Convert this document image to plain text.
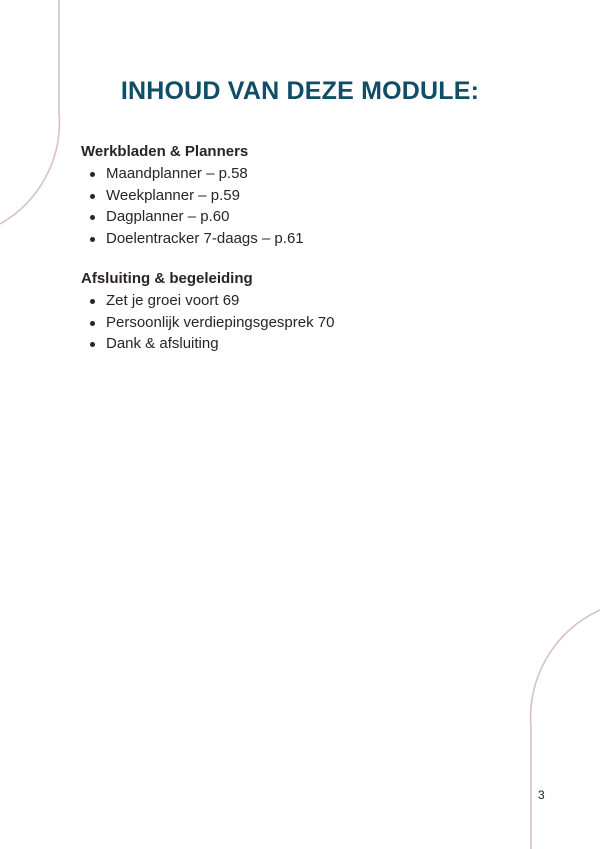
INHOUD VAN DEZE MODULE:
Werkbladen & Planners
Maandplanner – p.58
Weekplanner – p.59
Dagplanner – p.60
Doelentracker 7-daags – p.61
Afsluiting & begeleiding
Zet je groei voort 69
Persoonlijk verdiepingsgesprek 70
Dank & afsluiting
3
